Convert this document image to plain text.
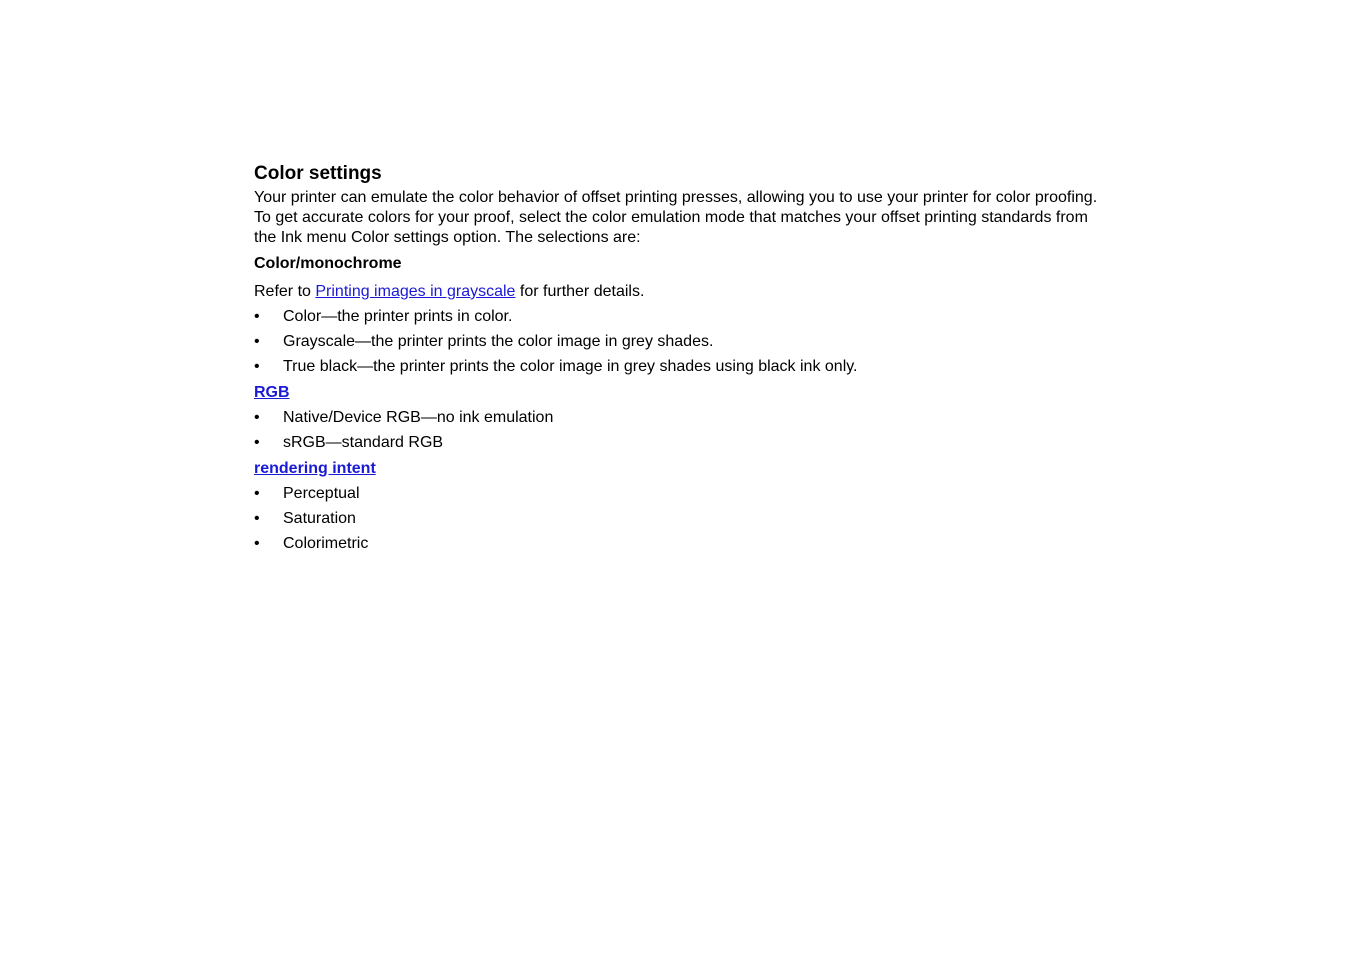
Color settings

Your printer can emulate the color behavior of offset printing presses, allowing you to use your printer for color proofing. To get accurate colors for your proof, select the color emulation mode that matches your offset printing standards from the Ink menu Color settings option. The selections are:

Color/monochrome
Refer to Printing images in grayscale for further details.
• Color—the printer prints in color.
• Grayscale—the printer prints the color image in grey shades.
• True black—the printer prints the color image in grey shades using black ink only.
RGB
• Native/Device RGB—no ink emulation
• sRGB—standard RGB
rendering intent
• Perceptual
• Saturation
• Colorimetric
